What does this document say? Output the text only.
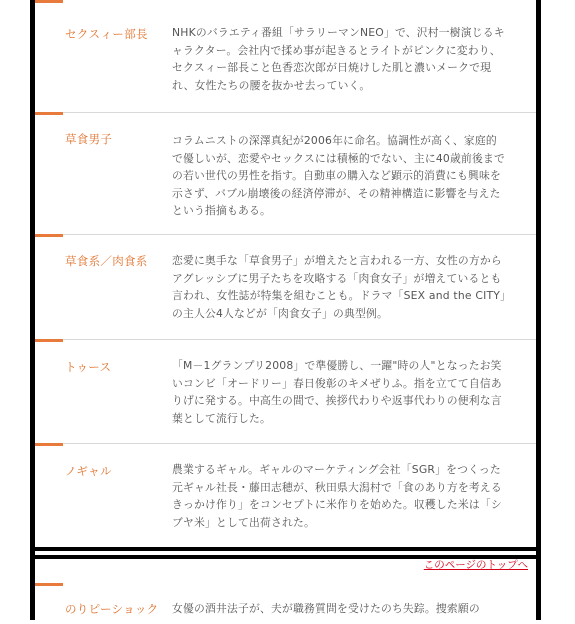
セクスィー部長 NHKのバラエティ番組「サラリーマンNEO」で、沢村一樹演じるキャラクター。会社内で揉め事が起きるとライトがピンクに変わり、セクスィー部長こと色香恋次郎が日焼けした肌と濃いメークで現れ、女性たちの腰を抜かせ去っていく。
草食男子	コラムニストの深澤真紀が2006年に命名。協調性が高く、家庭的で優しいが、恋愛やセックスには積極的でない、主に40歳前後までの若い世代の男性を指す。自動車の購入など顕示的消費にも興味を示さず、バブル崩壊後の経済停滞が、その精神構造に影響を与えたという指摘もある。
草食系／肉食系 恋愛に奥手な「草食男子」が増えたと言われる一方、女性の方からアグレッシブに男子たちを攻略する「肉食女子」が増えているとも言われ、女性誌が特集を組むことも。ドラマ「SEX and the CITY」の主人公4人などが「肉食女子」の典型例。
トゥース	「M－1グランプリ2008」で準優勝し、一躍"時の人"となったお笑いコンビ「オードリー」春日俊彰のキメぜりふ。指を立てて自信ありげに発する。中高生の間で、挨拶代わりや返事代わりの便利な言葉として流行した。
ノギャル	農業するギャル。ギャルのマーケティング会社「SGR」をつくった元ギャル社長・藤田志穂が、秋田県大潟村で「食のあり方を考えるきっかけ作り」をコンセプトに米作りを始めた。収穫した米は「シブヤ米」として出荷された。
のりピーショック 女優の酒井法子が、夫が職務質問を受けたのち失踪。捜索願の
このページのトップへ
